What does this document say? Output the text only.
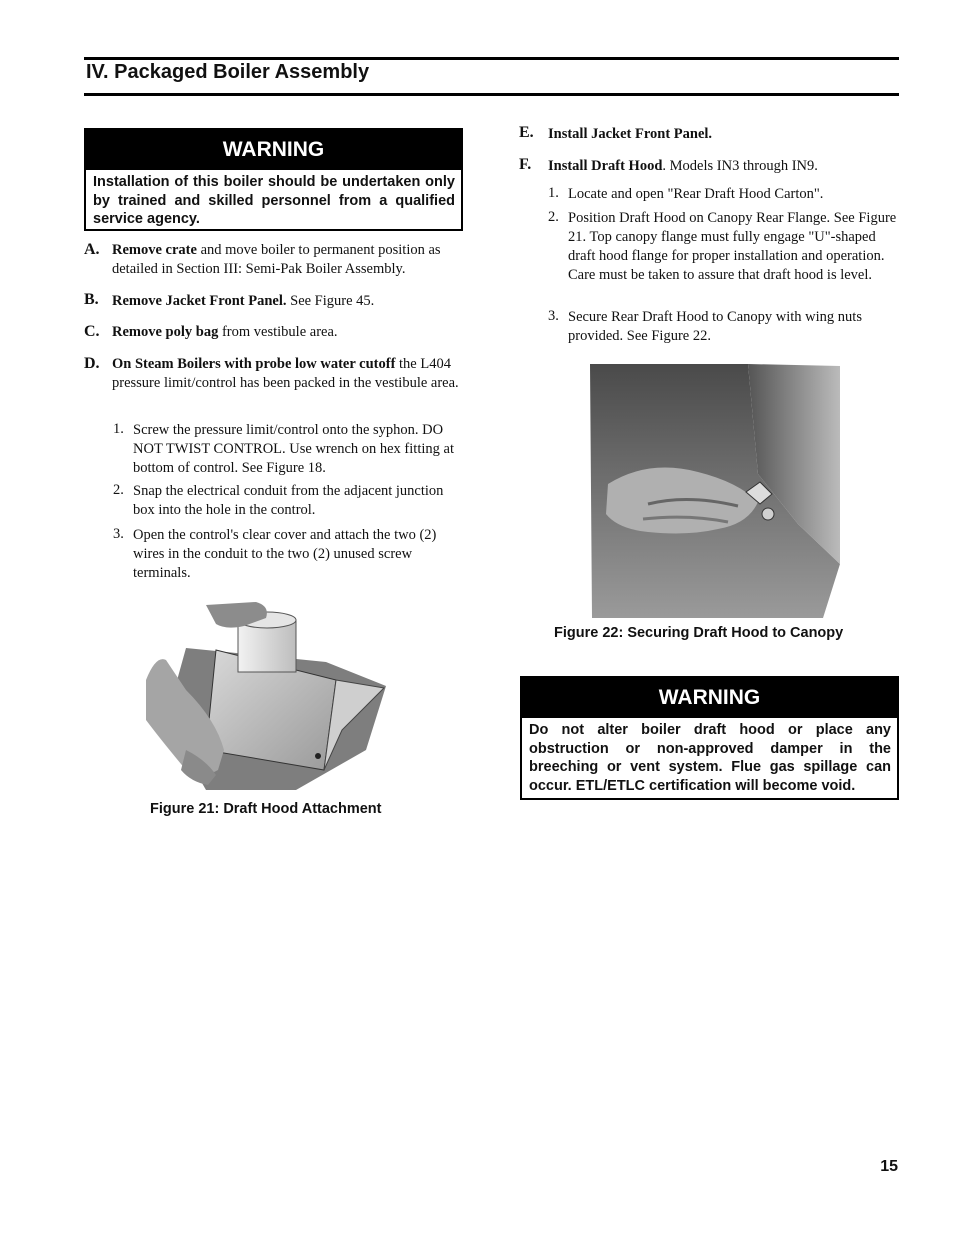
IV. Packaged Boiler Assembly
WARNING
Installation of this boiler should be undertaken only by trained and skilled personnel from a qualified service agency.
A. Remove crate and move boiler to permanent position as detailed in Section III: Semi-Pak Boiler Assembly.
B. Remove Jacket Front Panel. See Figure 45.
C. Remove poly bag from vestibule area.
D. On Steam Boilers with probe low water cutoff the L404 pressure limit/control has been packed in the vestibule area.
1. Screw the pressure limit/control onto the syphon. DO NOT TWIST CONTROL. Use wrench on hex fitting at bottom of control. See Figure 18.
2. Snap the electrical conduit from the adjacent junction box into the hole in the control.
3. Open the control's clear cover and attach the two (2) wires in the conduit to the two (2) unused screw terminals.
Figure 21: Draft Hood Attachment
E. Install Jacket Front Panel.
F. Install Draft Hood. Models IN3 through IN9.
1. Locate and open "Rear Draft Hood Carton".
2. Position Draft Hood on Canopy Rear Flange. See Figure 21. Top canopy flange must fully engage "U"-shaped draft hood flange for proper installation and operation. Care must be taken to assure that draft hood is level.
3. Secure Rear Draft Hood to Canopy with wing nuts provided. See Figure 22.
Figure 22: Securing Draft Hood to Canopy
WARNING
Do not alter boiler draft hood or place any obstruction or non-approved damper in the breeching or vent system. Flue gas spillage can occur. ETL/ETLC certification will become void.
15
